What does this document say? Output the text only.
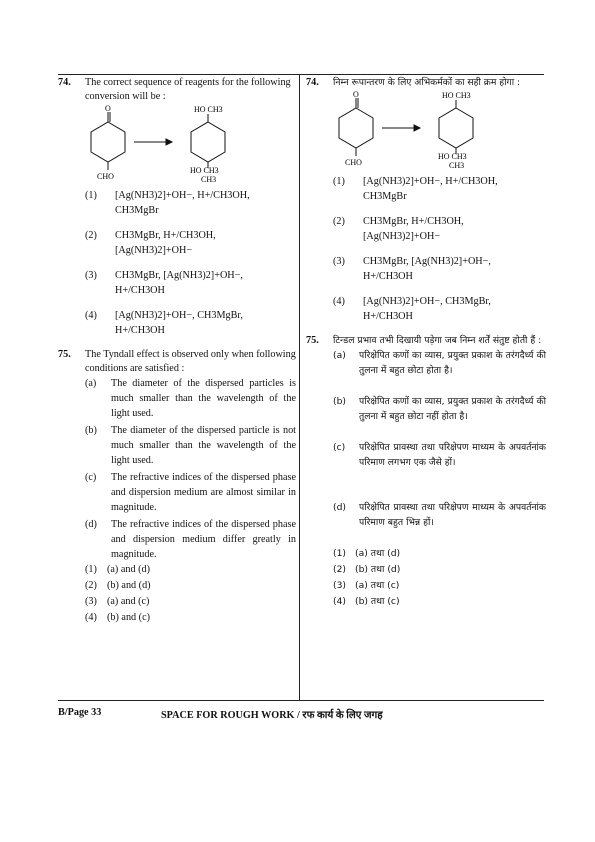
74. The correct sequence of reagents for the following conversion will be :
O
CHO
HO CH3
HO CH3
CH3
(1) [Ag(NH3)2]+OH−, H+/CH3OH,
CH3MgBr
(2) CH3MgBr, H+/CH3OH,
[Ag(NH3)2]+OH−
(3) CH3MgBr, [Ag(NH3)2]+OH−,
H+/CH3OH
(4) [Ag(NH3)2]+OH−, CH3MgBr,
H+/CH3OH
75. The Tyndall effect is observed only when following conditions are satisfied :
(a) The diameter of the dispersed particles is much smaller than the wavelength of the light used.
(b) The diameter of the dispersed particle is not much smaller than the wavelength of the light used.
(c) The refractive indices of the dispersed phase and dispersion medium are almost similar in magnitude.
(d) The refractive indices of the dispersed phase and dispersion medium differ greatly in magnitude.
(1) (a) and (d)
(2) (b) and (d)
(3) (a) and (c)
(4) (b) and (c)
74. निम्न रूपान्तरण के लिए अभिकर्मकों का सही क्रम होगा :
O
CHO
HO CH3
HO CH3
CH3
(1) [Ag(NH3)2]+OH−, H+/CH3OH,
CH3MgBr
(2) CH3MgBr, H+/CH3OH,
[Ag(NH3)2]+OH−
(3) CH3MgBr, [Ag(NH3)2]+OH−,
H+/CH3OH
(4) [Ag(NH3)2]+OH−, CH3MgBr,
H+/CH3OH
75. टिन्डल प्रभाव तभी दिखायी पड़ेगा जब निम्न शर्तें संतुष्ट होती हैं :
(a) परिक्षेपित कणों का व्यास, प्रयुक्त प्रकाश के तरंगदैर्ध्य की तुलना में बहुत छोटा होता है।
(b) परिक्षेपित कणों का व्यास, प्रयुक्त प्रकाश के तरंगदैर्ध्य की तुलना में बहुत छोटा नहीं होता है।
(c) परिक्षेपित प्रावस्था तथा परिक्षेपण माध्यम के अपवर्तनांक परिमाण लगभग एक जैसे हों।
(d) परिक्षेपित प्रावस्था तथा परिक्षेपण माध्यम के अपवर्तनांक परिमाण बहुत भिन्न हों।
(1) (a) तथा (d)
(2) (b) तथा (d)
(3) (a) तथा (c)
(4) (b) तथा (c)
B/Page 33	SPACE FOR ROUGH WORK / रफ कार्य के लिए जगह
